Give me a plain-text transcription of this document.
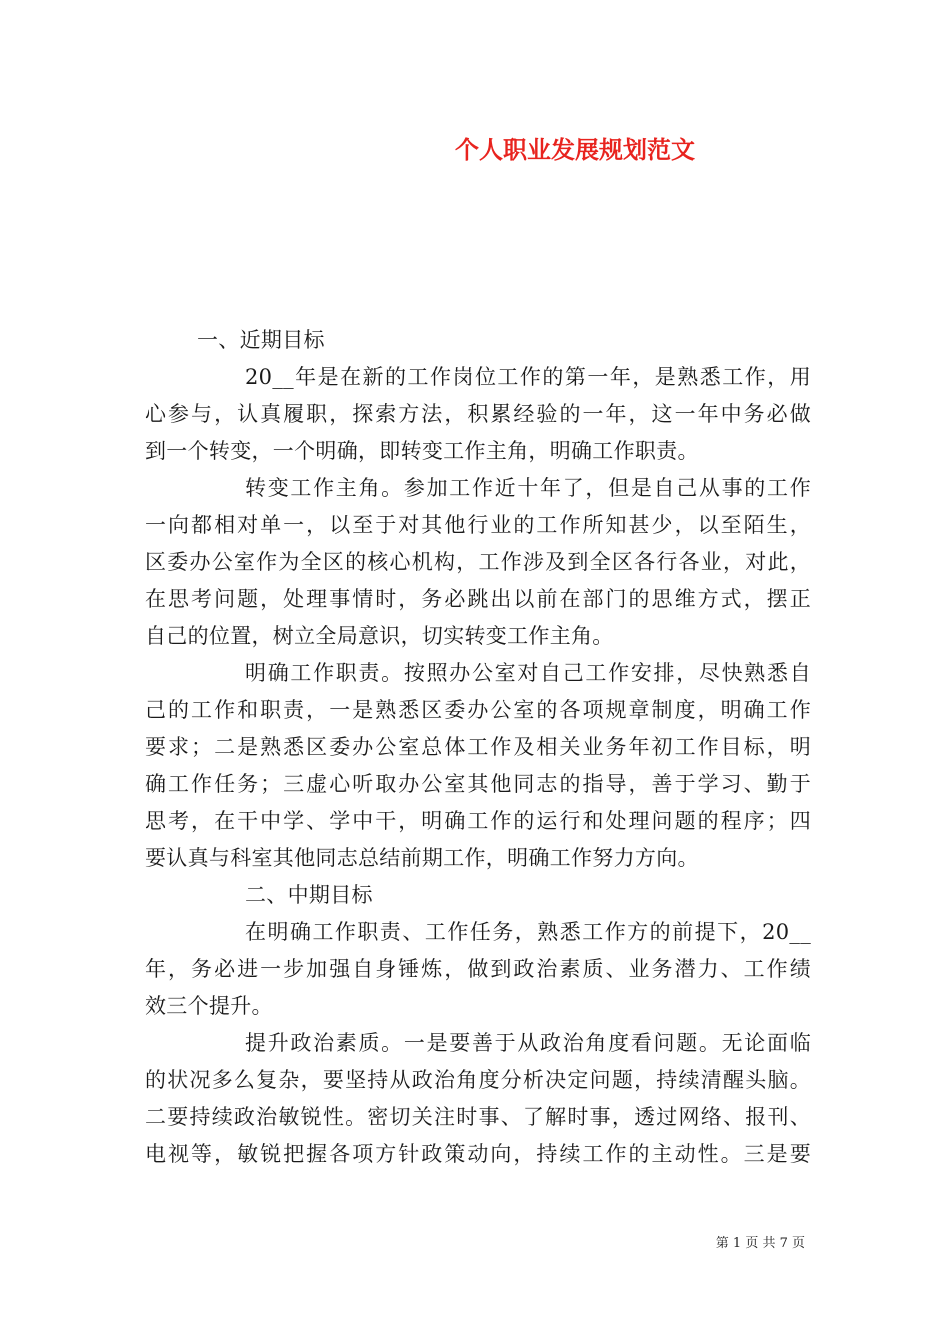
个人职业发展规划范文
一、近期目标
20__年是在新的工作岗位工作的第一年，是熟悉工作，用
心参与，认真履职，探索方法，积累经验的一年，这一年中务必做
到一个转变，一个明确，即转变工作主角，明确工作职责。
转变工作主角。参加工作近十年了，但是自己从事的工作
一向都相对单一，以至于对其他行业的工作所知甚少，以至陌生，
区委办公室作为全区的核心机构，工作涉及到全区各行各业，对此，
在思考问题，处理事情时，务必跳出以前在部门的思维方式，摆正
自己的位置，树立全局意识，切实转变工作主角。
明确工作职责。按照办公室对自己工作安排，尽快熟悉自
己的工作和职责，一是熟悉区委办公室的各项规章制度，明确工作
要求；二是熟悉区委办公室总体工作及相关业务年初工作目标，明
确工作任务；三虚心听取办公室其他同志的指导，善于学习、勤于
思考，在干中学、学中干，明确工作的运行和处理问题的程序；四
要认真与科室其他同志总结前期工作，明确工作努力方向。
二、中期目标
在明确工作职责、工作任务，熟悉工作方的前提下，20__
年，务必进一步加强自身锤炼，做到政治素质、业务潜力、工作绩
效三个提升。
提升政治素质。一是要善于从政治角度看问题。无论面临
的状况多么复杂，要坚持从政治角度分析决定问题，持续清醒头脑。
二要持续政治敏锐性。密切关注时事、了解时事，透过网络、报刊、
电视等，敏锐把握各项方针政策动向，持续工作的主动性。三是要
第 1 页 共 7 页
